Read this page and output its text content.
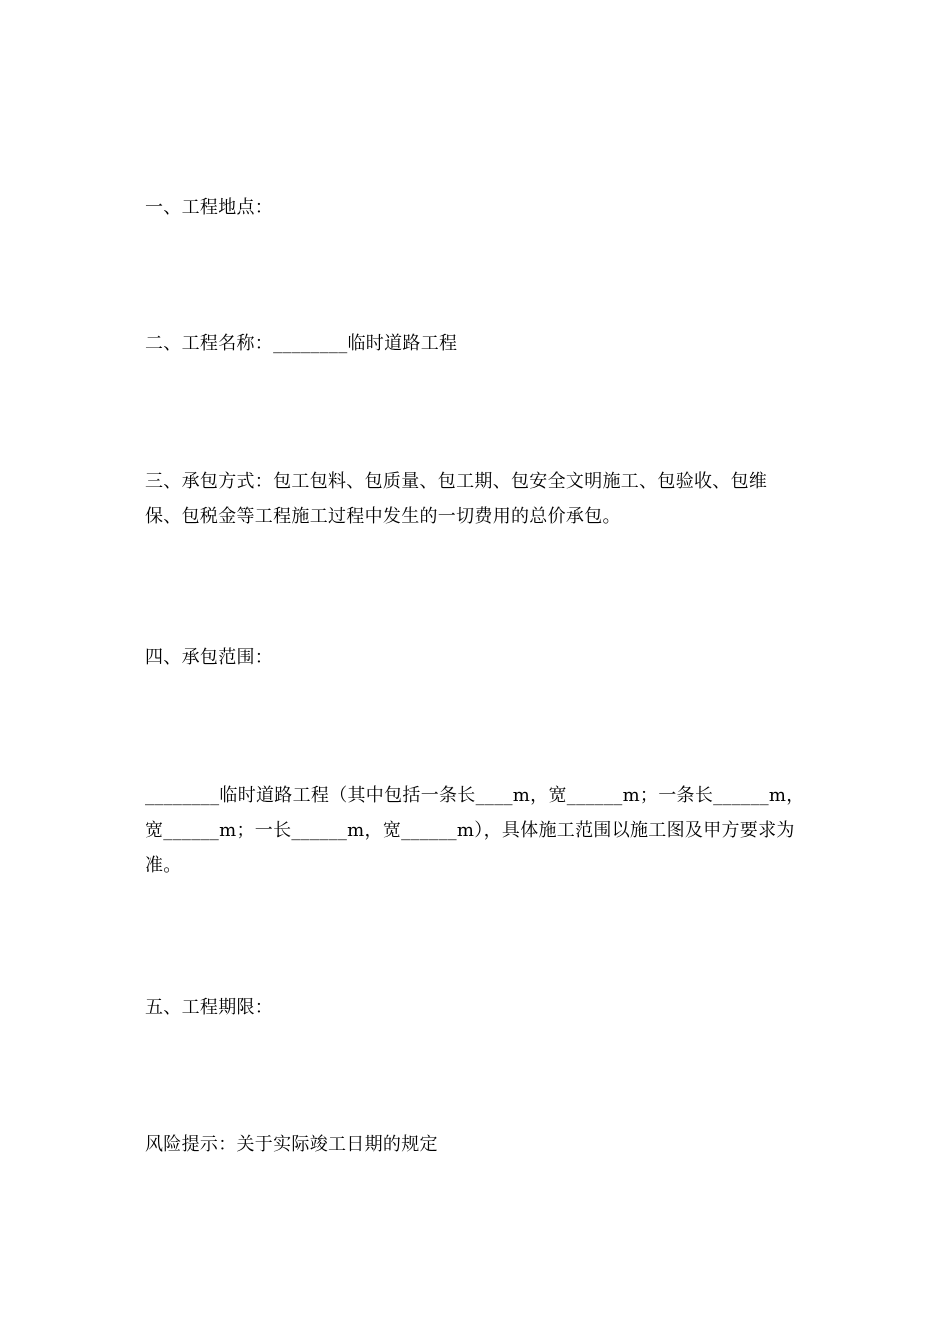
一、工程地点：
二、工程名称：________临时道路工程
三、承包方式：包工包料、包质量、包工期、包安全文明施工、包验收、包维
保、包税金等工程施工过程中发生的一切费用的总价承包。
四、承包范围：
________临时道路工程（其中包括一条长____m，宽______m；一条长______m，
宽______m；一长______m，宽______m），具体施工范围以施工图及甲方要求为
准。
五、工程期限：
风险提示：关于实际竣工日期的规定
